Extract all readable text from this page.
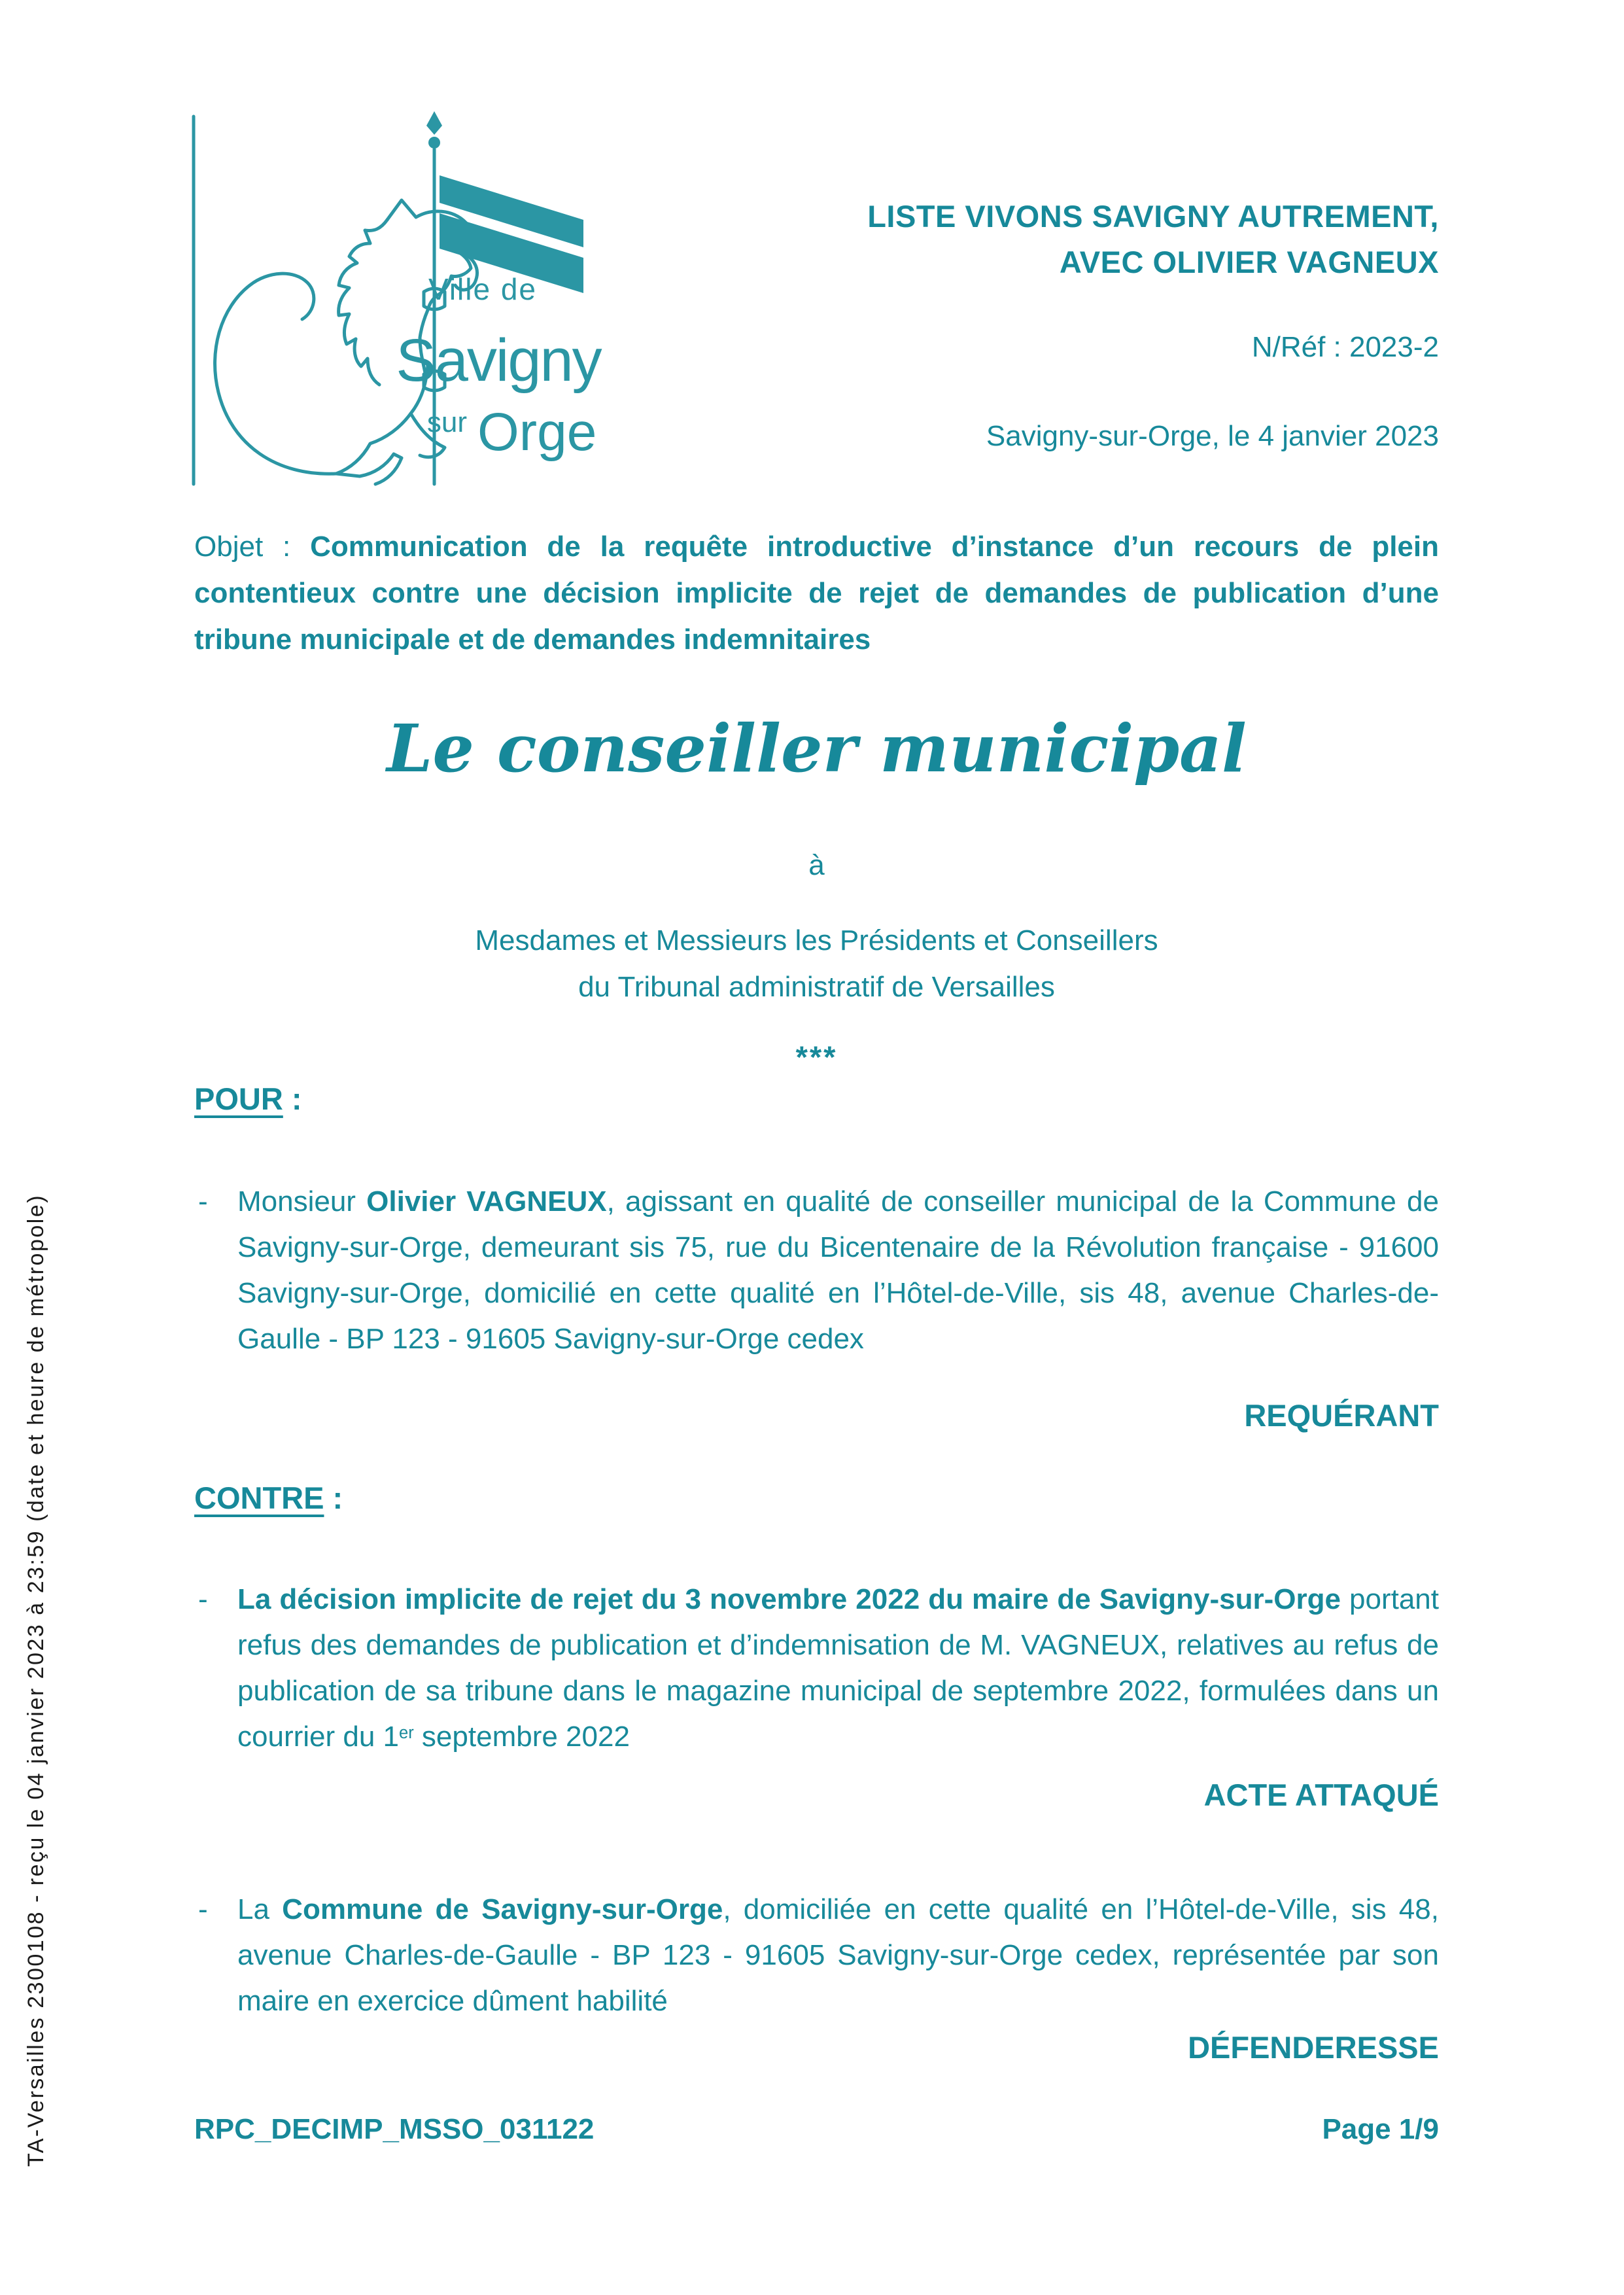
TA-Versailles 2300108 - reçu le 04 janvier 2023 à 23:59 (date et heure de métropole)
Ville de
Savigny
sur Orge
LISTE VIVONS SAVIGNY AUTREMENT,
AVEC OLIVIER VAGNEUX
N/Réf : 2023-2
Savigny-sur-Orge, le 4 janvier 2023

Objet : Communication de la requête introductive d’instance d’un recours de plein contentieux contre une décision implicite de rejet de demandes de publication d’une tribune municipale et de demandes indemnitaires

Le conseiller municipal
à
Mesdames et Messieurs les Présidents et Conseillers
du Tribunal administratif de Versailles
***
POUR :

- Monsieur Olivier VAGNEUX, agissant en qualité de conseiller municipal de la Commune de Savigny-sur-Orge, demeurant sis 75, rue du Bicentenaire de la Révolution française - 91600 Savigny-sur-Orge, domicilié en cette qualité en l’Hôtel-de-Ville, sis 48, avenue Charles-de-Gaulle - BP 123 - 91605 Savigny-sur-Orge cedex

REQUÉRANT
CONTRE :

- La décision implicite de rejet du 3 novembre 2022 du maire de Savigny-sur-Orge portant refus des demandes de publication et d’indemnisation de M. VAGNEUX, relatives au refus de publication de sa tribune dans le magazine municipal de septembre 2022, formulées dans un courrier du 1er septembre 2022

ACTE ATTAQUÉ

- La Commune de Savigny-sur-Orge, domiciliée en cette qualité en l’Hôtel-de-Ville, sis 48, avenue Charles-de-Gaulle - BP 123 - 91605 Savigny-sur-Orge cedex, représentée par son maire en exercice dûment habilité

DÉFENDERESSE
RPC_DECIMP_MSSO_031122	Page 1/9
